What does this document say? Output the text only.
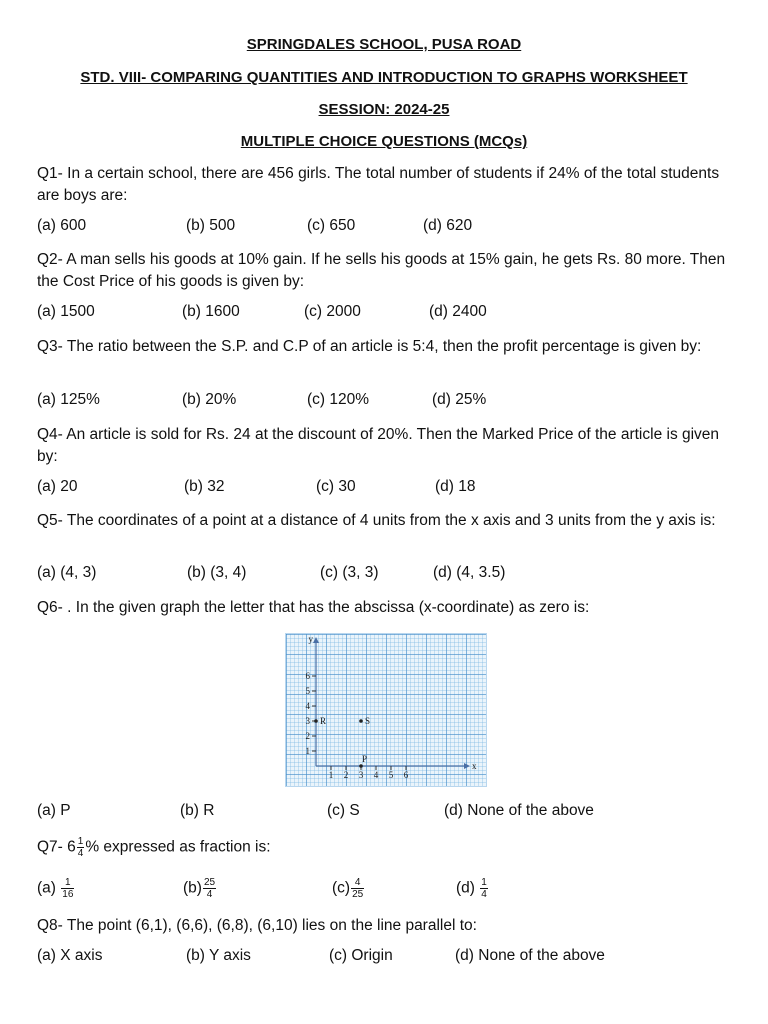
SPRINGDALES SCHOOL, PUSA ROAD
STD. VIII- COMPARING QUANTITIES AND INTRODUCTION TO GRAPHS WORKSHEET
SESSION: 2024-25
MULTIPLE CHOICE QUESTIONS (MCQs)
Q1- In a certain school, there are 456 girls. The total number of students if 24% of the total students are boys are:
(a) 600	(b) 500	(c) 650	(d) 620
Q2- A man sells his goods at 10% gain. If he sells his goods at 15% gain, he gets Rs. 80 more. Then the Cost Price of his goods is given by:
(a) 1500	(b) 1600	(c) 2000	(d) 2400
Q3- The ratio between the S.P. and C.P of an article is 5:4, then the profit percentage is given by:
(a) 125%	(b) 20%	(c) 120%	(d) 25%
Q4- An article is sold for Rs. 24 at the discount of 20%. Then the Marked Price of the article is given by:
(a) 20	(b) 32	(c) 30	(d) 18
Q5- The coordinates of a point at a distance of 4 units from the x axis and 3 units from the y axis is:
(a) (4, 3)	(b) (3, 4)	(c) (3, 3)	(d) (4, 3.5)
Q6- . In the given graph the letter that has the abscissa (x-coordinate) as zero is:
x
y
1 2 3 4 5 6
1
2
3
4
5
6
R	S
P
(a) P	(b) R	(c) S	(d) None of the above
Q7- $6 \frac{1}{4}$ % expressed as fraction is:
$(a) \frac{1}{16}$	$(b) \frac{25}{4}$	$(c) \frac{4}{25}$	$(d) \frac{1}{4}$
Q8- The point (6,1), (6,6), (6,8), (6,10) lies on the line parallel to:
(a) X axis	(b) Y axis	(c) Origin	(d) None of the above
